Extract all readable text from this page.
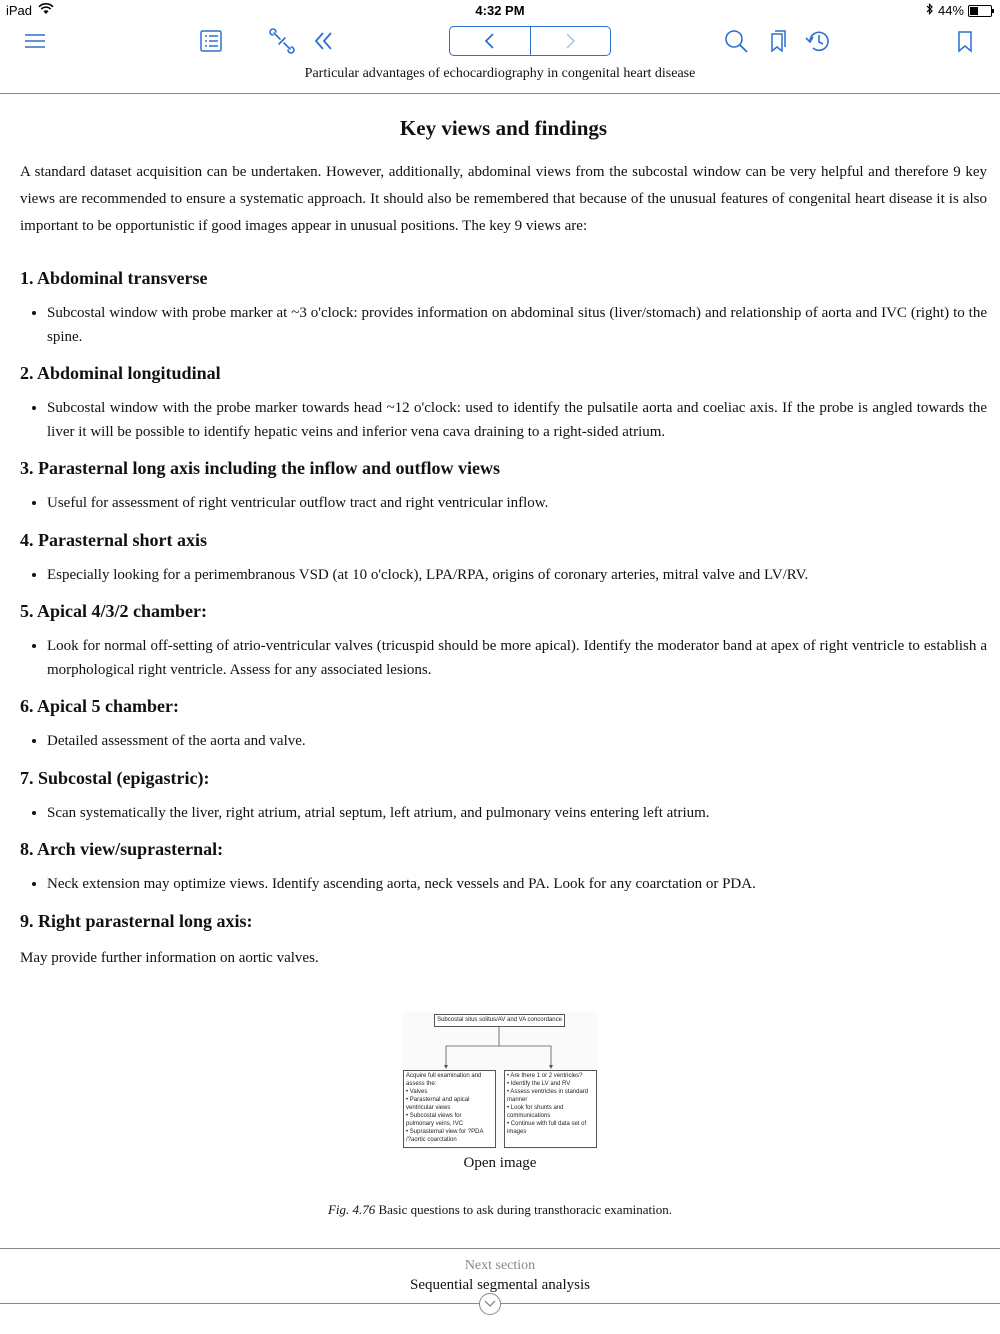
iPad	4:32 PM	44%
Particular advantages of echocardiography in congenital heart disease
Key views and findings

A standard dataset acquisition can be undertaken. However, additionally, abdominal views from the subcostal window can be very helpful and therefore 9 key views are recommended to ensure a systematic approach. It should also be remembered that because of the unusual features of congenital heart disease it is also important to be opportunistic if good images appear in unusual positions. The key 9 views are:

1. Abdominal transverse
• Subcostal window with probe marker at ~3 o'clock: provides information on abdominal situs (liver/stomach) and relationship of aorta and IVC (right) to the spine.
2. Abdominal longitudinal
• Subcostal window with the probe marker towards head ~12 o'clock: used to identify the pulsatile aorta and coeliac axis. If the probe is angled towards the liver it will be possible to identify hepatic veins and inferior vena cava draining to a right-sided atrium.
3. Parasternal long axis including the inflow and outflow views
• Useful for assessment of right ventricular outflow tract and right ventricular inflow.
4. Parasternal short axis
• Especially looking for a perimembranous VSD (at 10 o'clock), LPA/RPA, origins of coronary arteries, mitral valve and LV/RV.
5. Apical 4/3/2 chamber:
• Look for normal off-setting of atrio-ventricular valves (tricuspid should be more apical). Identify the moderator band at apex of right ventricle to establish a morphological right ventricle. Assess for any associated lesions.
6. Apical 5 chamber:
• Detailed assessment of the aorta and valve.
7. Subcostal (epigastric):
• Scan systematically the liver, right atrium, atrial septum, left atrium, and pulmonary veins entering left atrium.
8. Arch view/suprasternal:
• Neck extension may optimize views. Identify ascending aorta, neck vessels and PA. Look for any coarctation or PDA.
9. Right parasternal long axis:

May provide further information on aortic valves.

Subcostal situs solitus/AV and VA concordance
Acquire full examination and
assess the:
• Valves
• Parasternal and apical
ventricular views
• Subcostal views for
pulmonary veins, IVC
• Suprasternal view for ?PDA
/?aortic coarctation
• Are there 1 or 2 ventricles?
• Identify the LV and RV
• Assess ventricles in standard
manner
• Look for shunts and
communications
• Continue with full data set of
images
Open image
Fig. 4.76 Basic questions to ask during transthoracic examination.
Next section
Sequential segmental analysis
